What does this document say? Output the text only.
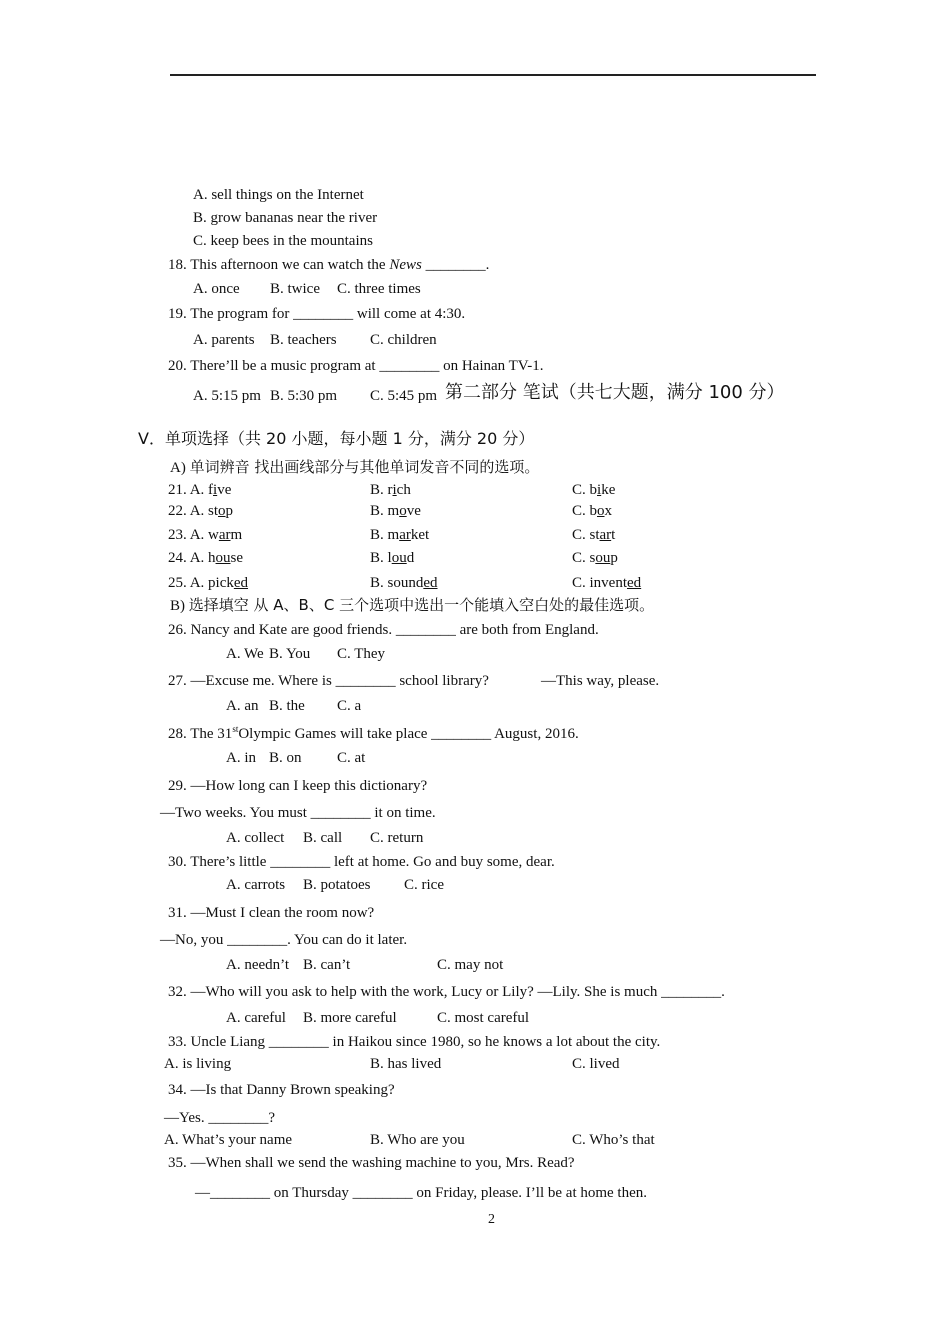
A. sell things on the Internet
B. grow bananas near the river
C. keep bees in the mountains
18. This afternoon we can watch the News ________.
A. once B. twice C. three times
19. The program for ________ will come at 4:30.
A. parents B. teachers C. children
20. There’ll be a music program at ________ on Hainan TV-1.
A. 5:15 pm B. 5:30 pm C. 5:45 pm 第二部分 笔试（共七大题，满分 100 分）
Ⅴ．单项选择（共 20 小题，每小题 1 分，满分 20 分）
A) 单词辨音 找出画线部分与其他单词发音不同的选项。
21. A. five	B. rich	C. bike
22. A. stop	B. move	C. box
23. A. warm	B. market	C. start
24. A. house	B. loud	C. soup
25. A. picked	B. sounded	C. invented
B) 选择填空 从 A、B、C 三个选项中选出一个能填入空白处的最佳选项。
26. Nancy and Kate are good friends. ________ are both from England.
A. We B. You C. They
27. —Excuse me. Where is ________ school library?	—This way, please.
A. an B. the C. a
28. The 31stOlympic Games will take place ________ August, 2016.
A. in B. on C. at
29. —How long can I keep this dictionary?
—Two weeks. You must ________ it on time.
A. collect B. call C. return
30. There’s little ________ left at home. Go and buy some, dear.
A. carrots B. potatoes C. rice
31. —Must I clean the room now?
—No, you ________. You can do it later.
A. needn’t B. can’t	C. may not
32. —Who will you ask to help with the work, Lucy or Lily? —Lily. She is much ________.
A. careful B. more careful	C. most careful
33. Uncle Liang ________ in Haikou since 1980, so he knows a lot about the city.
A. is living	B. has lived	C. lived
34. —Is that Danny Brown speaking?
—Yes. ________?
A. What’s your name	B. Who are you	C. Who’s that
35. —When shall we send the washing machine to you, Mrs. Read?
—________ on Thursday ________ on Friday, please. I’ll be at home then.
2
